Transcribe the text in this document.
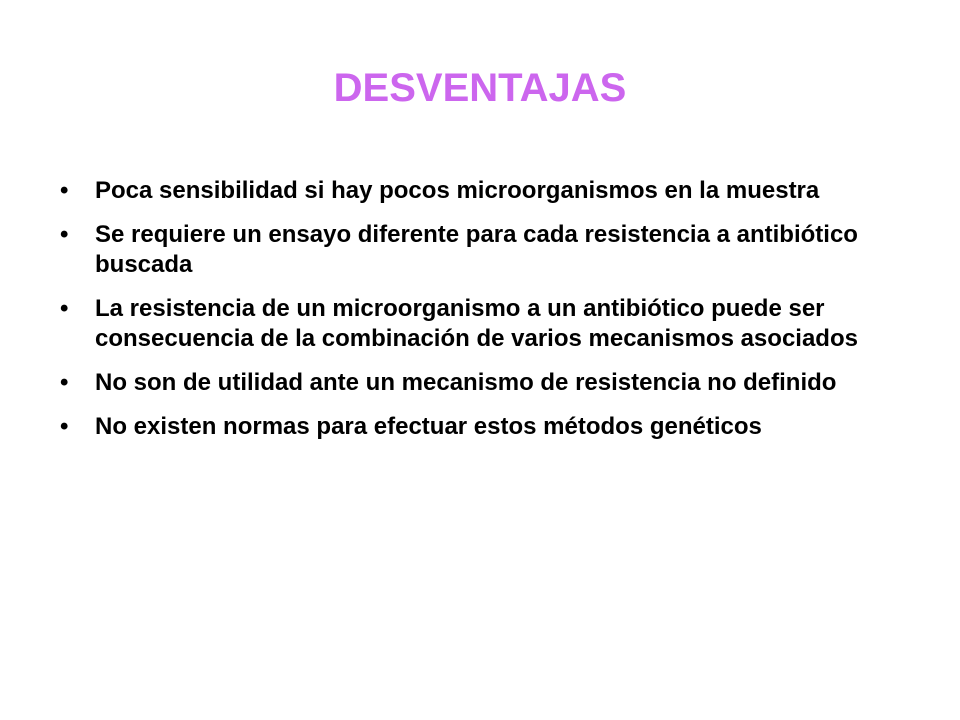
DESVENTAJAS
• Poca sensibilidad si hay pocos microorganismos en la muestra
• Se requiere un ensayo diferente para cada resistencia a antibiótico buscada
• La resistencia de un microorganismo a un antibiótico puede ser consecuencia de la combinación de varios mecanismos asociados
• No son de utilidad ante un mecanismo de resistencia no definido
• No existen normas para efectuar estos métodos genéticos
